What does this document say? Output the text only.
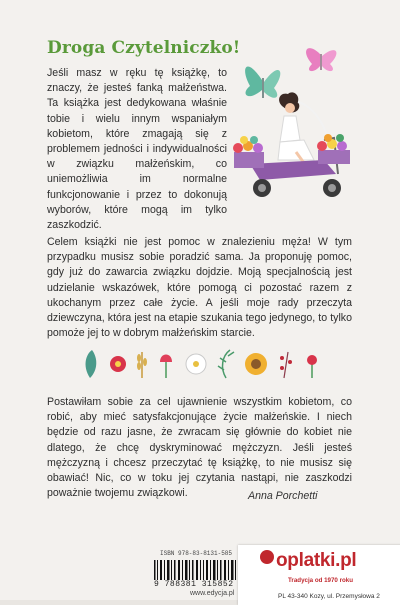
Droga Czytelniczko!
Jeśli masz w ręku tę książkę, to znaczy, że jesteś fanką małżeństwa. Ta książka jest dedykowana właśnie tobie i wielu innym wspaniałym kobietom, które zmagają się z problemem jedności i indywidualności w związku małżeńskim, co uniemożliwia im normalne funkcjonowanie i przez to dokonują wyborów, które mogą im tylko zaszkodzić.
Celem książki nie jest pomoc w znalezieniu męża! W tym przypadku musisz sobie poradzić sama. Ja proponuję pomoc, gdy już do zawarcia związku dojdzie. Moją specjalnością jest udzielanie wskazówek, które pomogą ci pozostać razem z ukochanym przez całe życie. A jeśli moje rady przeczyta dziewczyna, która jest na etapie szukania tego jedynego, to tylko pomoże jej to w dobrym małżeńskim starcie.
Postawiłam sobie za cel ujawnienie wszystkim kobietom, co robić, aby mieć satysfakcjonujące życie małżeńskie. I niech będzie od razu jasne, że zwracam się głównie do kobiet nie dlatego, że chcę dyskryminować mężczyzn. Jeśli jesteś mężczyzną i chcesz przeczytać tę książkę, to nie musisz się obawiać! Nic, co w toku jej czytania nastąpi, nie zaszkodzi poważnie twojemu związkowi.	Anna Porchetti
ISBN 978-83-8131-585
9 788381 315852
www.edycja.pl
oplatki.pl
Tradycja od 1970 roku
PL 43-340 Kozy, ul. Przemysłowa 2
